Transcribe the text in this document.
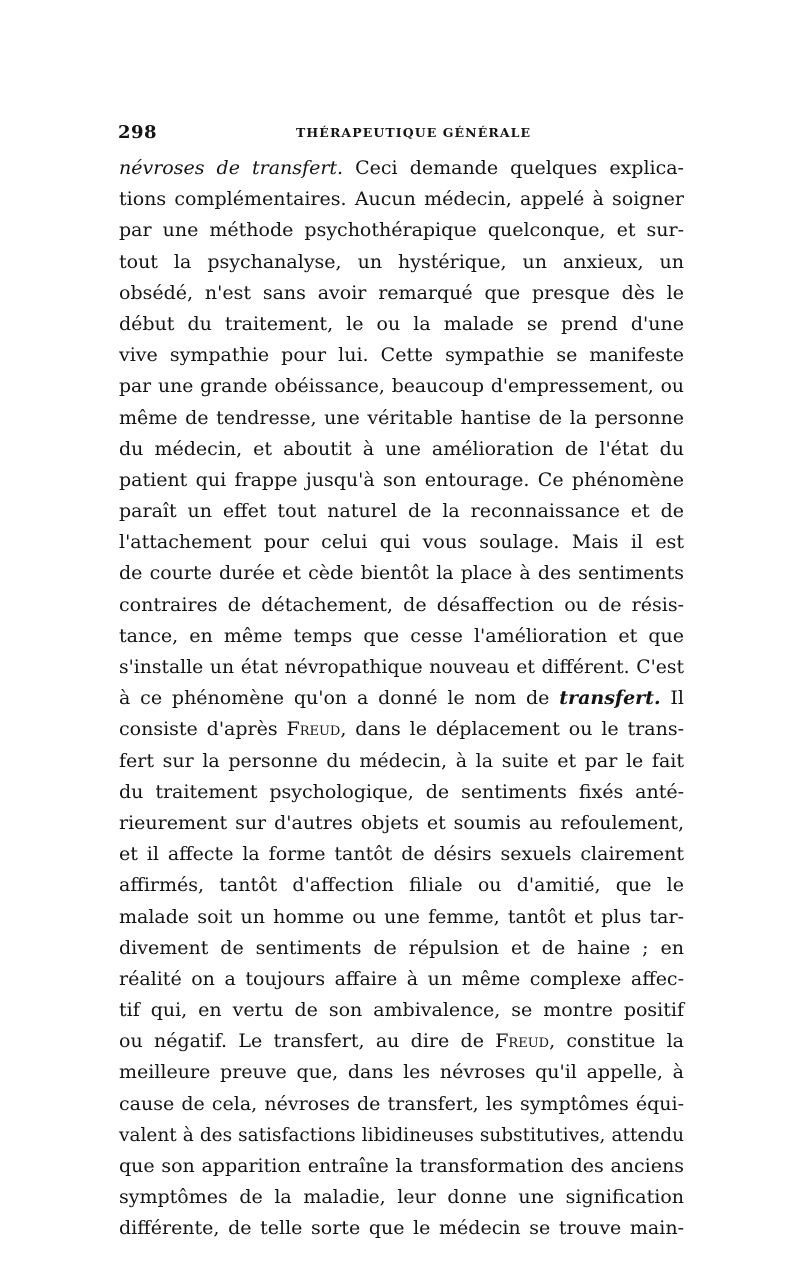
298	THÉRAPEUTIQUE GÉNÉRALE
névroses de transfert. Ceci demande quelques explica-
tions complémentaires. Aucun médecin, appelé à soigner
par une méthode psychothérapique quelconque, et sur-
tout la psychanalyse, un hystérique, un anxieux, un
obsédé, n'est sans avoir remarqué que presque dès le
début du traitement, le ou la malade se prend d'une
vive sympathie pour lui. Cette sympathie se manifeste
par une grande obéissance, beaucoup d'empressement, ou
même de tendresse, une véritable hantise de la personne
du médecin, et aboutit à une amélioration de l'état du
patient qui frappe jusqu'à son entourage. Ce phénomène
paraît un effet tout naturel de la reconnaissance et de
l'attachement pour celui qui vous soulage. Mais il est
de courte durée et cède bientôt la place à des sentiments
contraires de détachement, de désaffection ou de résis-
tance, en même temps que cesse l'amélioration et que
s'installe un état névropathique nouveau et différent. C'est
à ce phénomène qu'on a donné le nom de transfert. Il
consiste d'après Freud, dans le déplacement ou le trans-
fert sur la personne du médecin, à la suite et par le fait
du traitement psychologique, de sentiments fixés anté-
rieurement sur d'autres objets et soumis au refoulement,
et il affecte la forme tantôt de désirs sexuels clairement
affirmés, tantôt d'affection filiale ou d'amitié, que le
malade soit un homme ou une femme, tantôt et plus tar-
divement de sentiments de répulsion et de haine ; en
réalité on a toujours affaire à un même complexe affec-
tif qui, en vertu de son ambivalence, se montre positif
ou négatif. Le transfert, au dire de Freud, constitue la
meilleure preuve que, dans les névroses qu'il appelle, à
cause de cela, névroses de transfert, les symptômes équi-
valent à des satisfactions libidineuses substitutives, attendu
que son apparition entraîne la transformation des anciens
symptômes de la maladie, leur donne une signification
différente, de telle sorte que le médecin se trouve main-
